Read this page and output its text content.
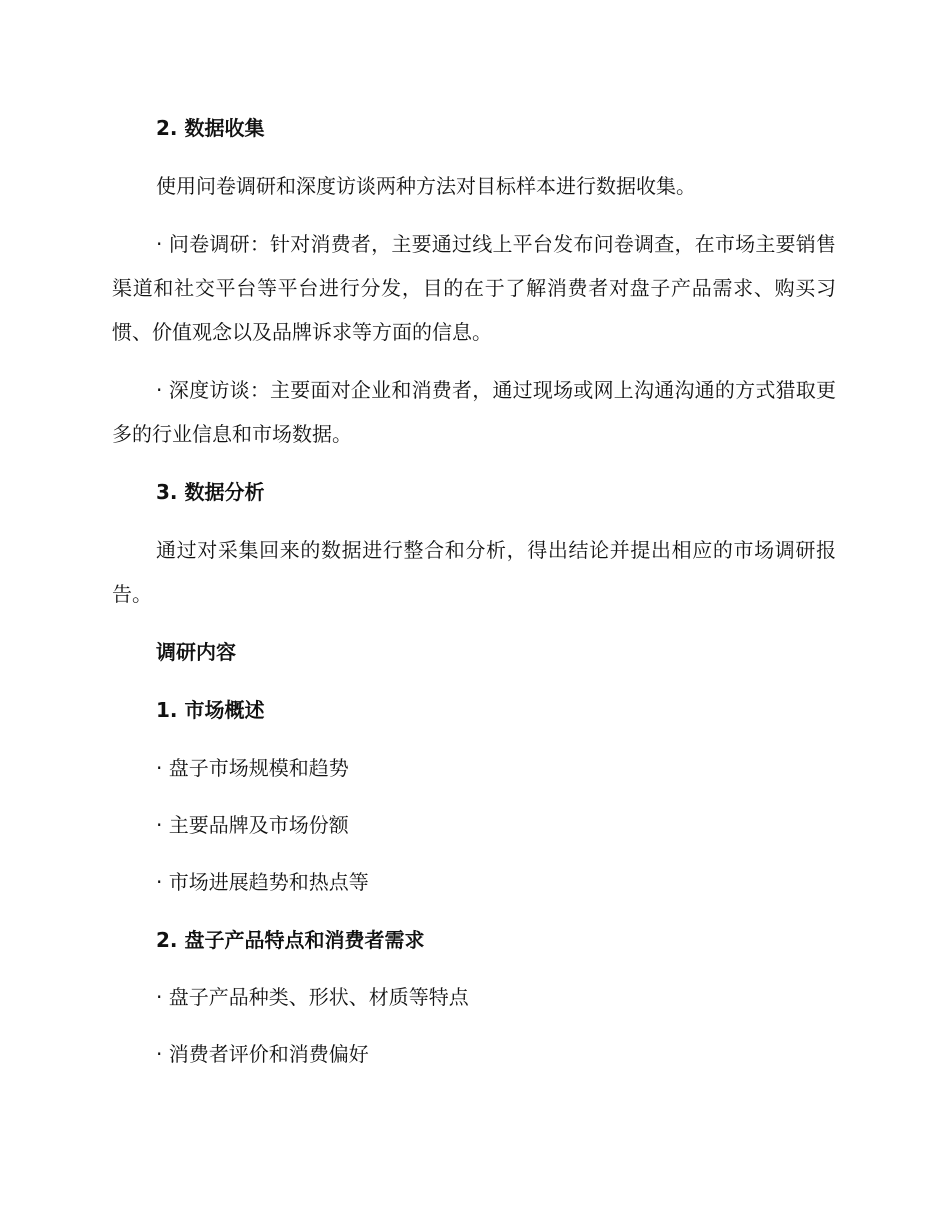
2. 数据收集

使用问卷调研和深度访谈两种方法对目标样本进行数据收集。

· 问卷调研：针对消费者，主要通过线上平台发布问卷调查，在市场主要销售渠道和社交平台等平台进行分发，目的在于了解消费者对盘子产品需求、购买习惯、价值观念以及品牌诉求等方面的信息。

· 深度访谈：主要面对企业和消费者，通过现场或网上沟通沟通的方式猎取更多的行业信息和市场数据。

3. 数据分析

通过对采集回来的数据进行整合和分析，得出结论并提出相应的市场调研报告。

调研内容

1. 市场概述

· 盘子市场规模和趋势

· 主要品牌及市场份额

· 市场进展趋势和热点等

2. 盘子产品特点和消费者需求

· 盘子产品种类、形状、材质等特点

· 消费者评价和消费偏好
